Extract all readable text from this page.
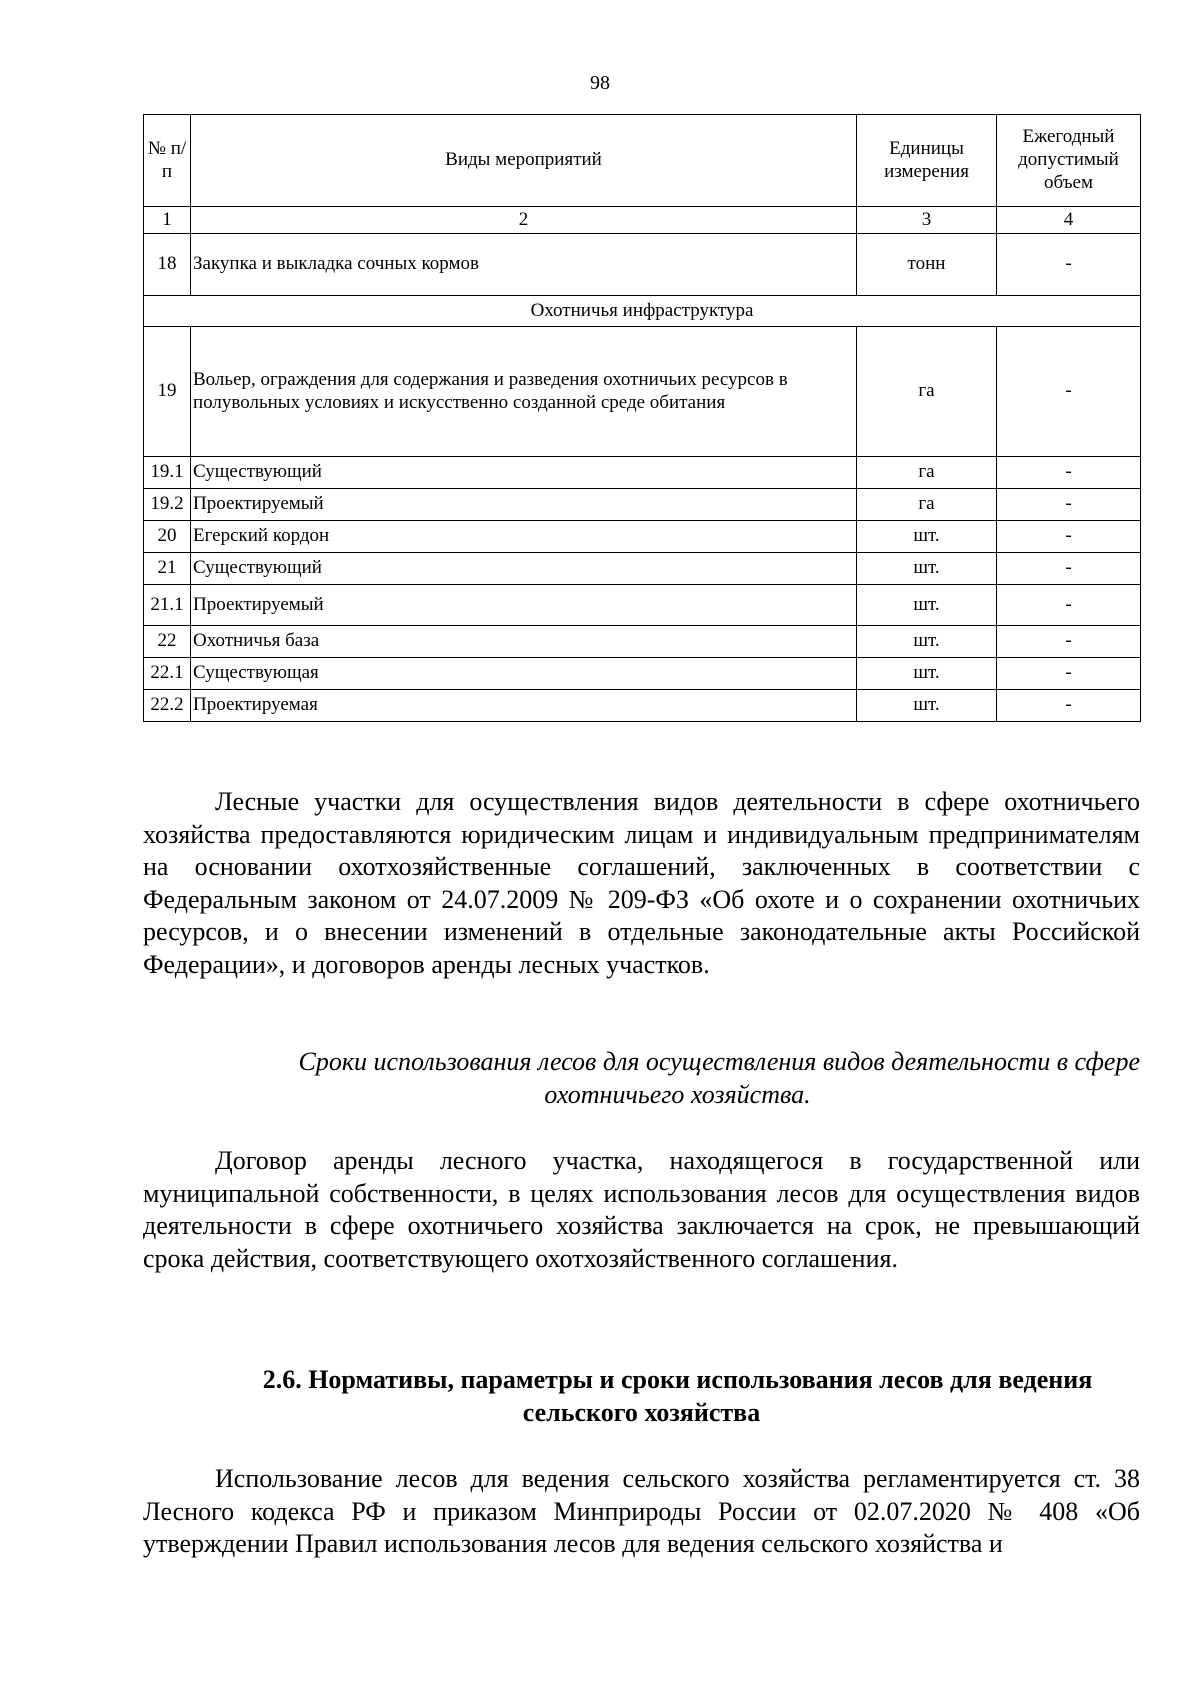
98
№ п/п	Виды мероприятий	Единицы измерения	Ежегодный допустимый объем
1	2	3	4
18	Закупка и выкладка сочных кормов	тонн	-
Охотничья инфраструктура			
19	Вольер, ограждения для содержания и разведения охотничьих ресурсов в полувольных условиях и искусственно созданной среде обитания	га	-
19.1	Существующий	га	-
19.2	Проектируемый	га	-
20	Егерский кордон	шт.	-
21	Существующий	шт.	-
21.1	Проектируемый	шт.	-
22	Охотничья база	шт.	-
22.1	Существующая	шт.	-
22.2	Проектируемая	шт.	-

Лесные участки для осуществления видов деятельности в сфере охотничьего хозяйства предоставляются юридическим лицам и индивидуальным предпринимателям на основании охотхозяйственные соглашений, заключенных в соответствии с Федеральным законом от 24.07.2009 № 209-ФЗ «Об охоте и о сохранении охотничьих ресурсов, и о внесении изменений в отдельные законодательные акты Российской Федерации», и договоров аренды лесных участков.

Сроки использования лесов для осуществления видов деятельности в сфере
охотничьего хозяйства.

Договор аренды лесного участка, находящегося в государственной или муниципальной собственности, в целях использования лесов для осуществления видов деятельности в сфере охотничьего хозяйства заключается на срок, не превышающий срока действия, соответствующего охотхозяйственного соглашения.

2.6. Нормативы, параметры и сроки использования лесов для ведения
сельского хозяйства

Использование лесов для ведения сельского хозяйства регламентируется ст. 38 Лесного кодекса РФ и приказом Минприроды России от 02.07.2020 № 408 «Об утверждении Правил использования лесов для ведения сельского хозяйства и
